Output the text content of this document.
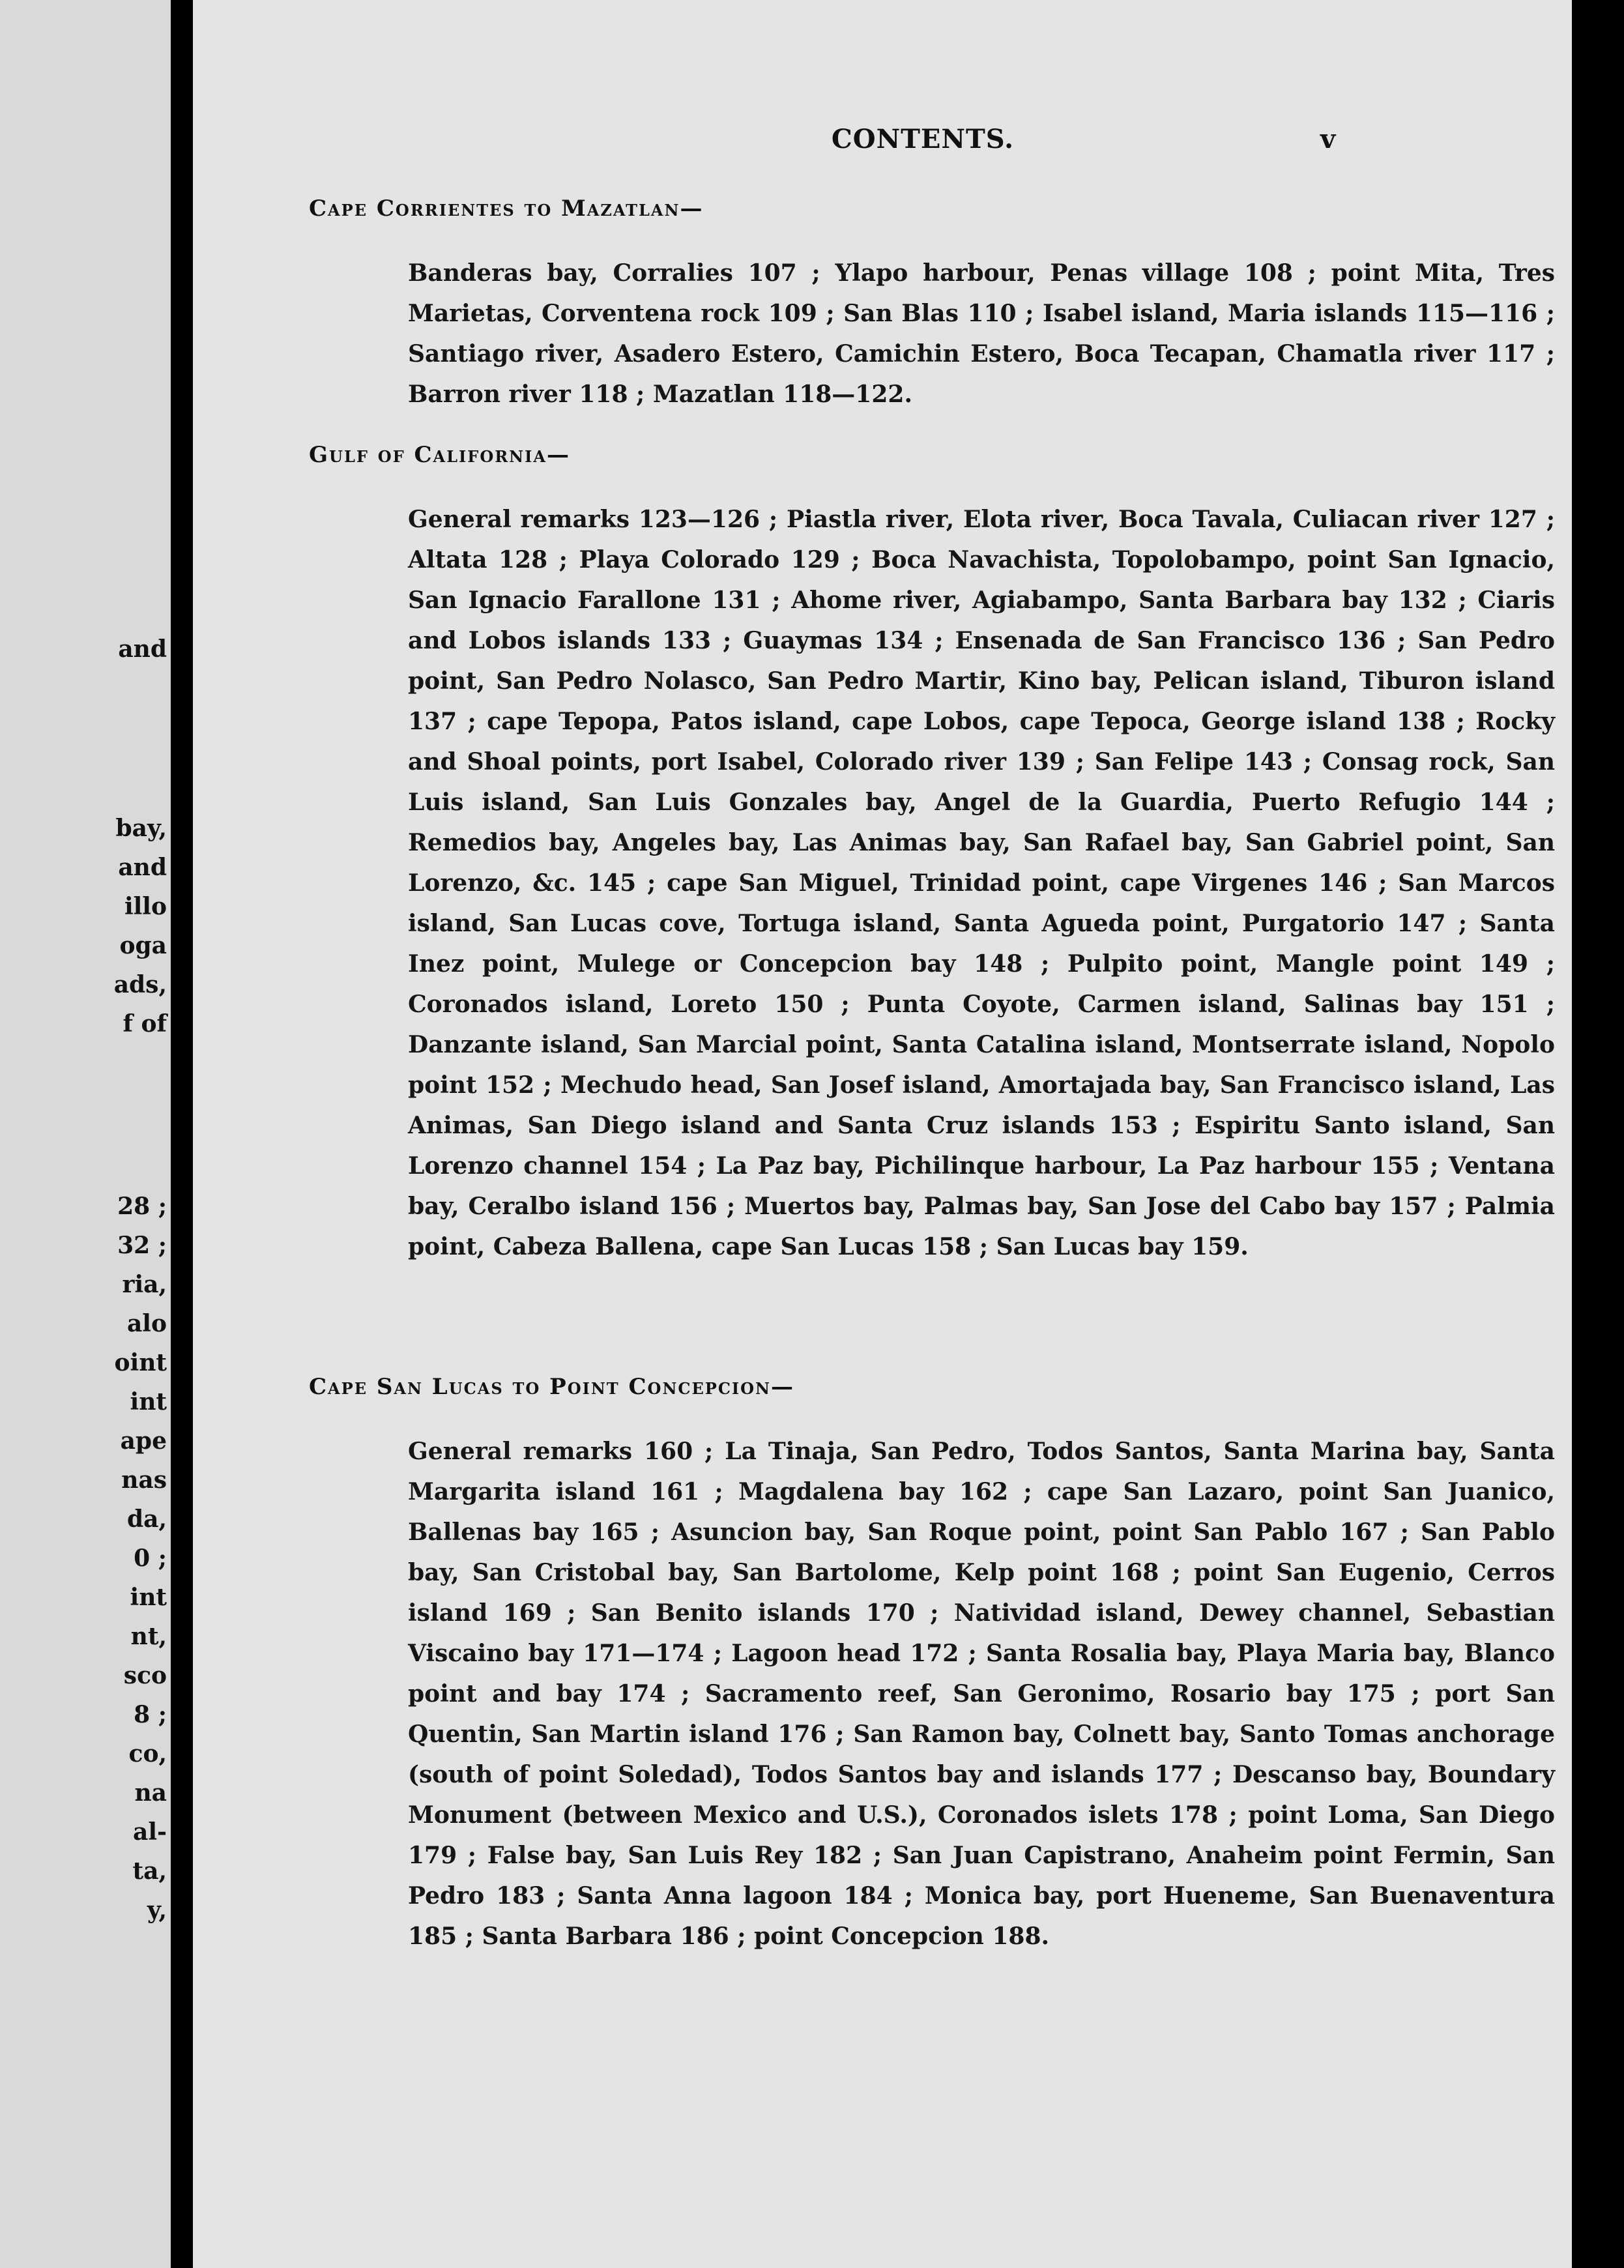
and
bay,
and
illo
oga
ads,
f of
28 ;
32 ;
ria,
alo
oint
int
ape
nas
da,
0 ;
int
nt,
sco
8 ;
co,
na
al-
ta,
y,
CONTENTS.	v
Cape Corrientes to Mazatlan—

Banderas bay, Corralies 107 ; Ylapo harbour, Penas village 108 ; point Mita, Tres Marietas, Corventena rock 109 ; San Blas 110 ; Isabel island, Maria islands 115—116 ; Santiago river, Asadero Estero, Camichin Estero, Boca Tecapan, Chamatla river 117 ; Barron river 118 ; Mazatlan 118—122.

Gulf of California—

General remarks 123—126 ; Piastla river, Elota river, Boca Tavala, Culiacan river 127 ; Altata 128 ; Playa Colorado 129 ; Boca Navachista, Topolobampo, point San Ignacio, San Ignacio Farallone 131 ; Ahome river, Agiabampo, Santa Barbara bay 132 ; Ciaris and Lobos islands 133 ; Guaymas 134 ; Ensenada de San Francisco 136 ; San Pedro point, San Pedro Nolasco, San Pedro Martir, Kino bay, Pelican island, Tiburon island 137 ; cape Tepopa, Patos island, cape Lobos, cape Tepoca, George island 138 ; Rocky and Shoal points, port Isabel, Colorado river 139 ; San Felipe 143 ; Consag rock, San Luis island, San Luis Gonzales bay, Angel de la Guardia, Puerto Refugio 144 ; Remedios bay, Angeles bay, Las Animas bay, San Rafael bay, San Gabriel point, San Lorenzo, &c. 145 ; cape San Miguel, Trinidad point, cape Virgenes 146 ; San Marcos island, San Lucas cove, Tortuga island, Santa Agueda point, Purgatorio 147 ; Santa Inez point, Mulege or Concepcion bay 148 ; Pulpito point, Mangle point 149 ; Coronados island, Loreto 150 ; Punta Coyote, Carmen island, Salinas bay 151 ; Danzante island, San Marcial point, Santa Catalina island, Montserrate island, Nopolo point 152 ; Mechudo head, San Josef island, Amortajada bay, San Francisco island, Las Animas, San Diego island and Santa Cruz islands 153 ; Espiritu Santo island, San Lorenzo channel 154 ; La Paz bay, Pichilinque harbour, La Paz harbour 155 ; Ventana bay, Ceralbo island 156 ; Muertos bay, Palmas bay, San Jose del Cabo bay 157 ; Palmia point, Cabeza Ballena, cape San Lucas 158 ; San Lucas bay 159.

Cape San Lucas to Point Concepcion—

General remarks 160 ; La Tinaja, San Pedro, Todos Santos, Santa Marina bay, Santa Margarita island 161 ; Magdalena bay 162 ; cape San Lazaro, point San Juanico, Ballenas bay 165 ; Asuncion bay, San Roque point, point San Pablo 167 ; San Pablo bay, San Cristobal bay, San Bartolome, Kelp point 168 ; point San Eugenio, Cerros island 169 ; San Benito islands 170 ; Natividad island, Dewey channel, Sebastian Viscaino bay 171—174 ; Lagoon head 172 ; Santa Rosalia bay, Playa Maria bay, Blanco point and bay 174 ; Sacramento reef, San Geronimo, Rosario bay 175 ; port San Quentin, San Martin island 176 ; San Ramon bay, Colnett bay, Santo Tomas anchorage (south of point Soledad), Todos Santos bay and islands 177 ; Descanso bay, Boundary Monument (between Mexico and U.S.), Coronados islets 178 ; point Loma, San Diego 179 ; False bay, San Luis Rey 182 ; San Juan Capistrano, Anaheim point Fermin, San Pedro 183 ; Santa Anna lagoon 184 ; Monica bay, port Hueneme, San Buenaventura 185 ; Santa Barbara 186 ; point Concepcion 188.
